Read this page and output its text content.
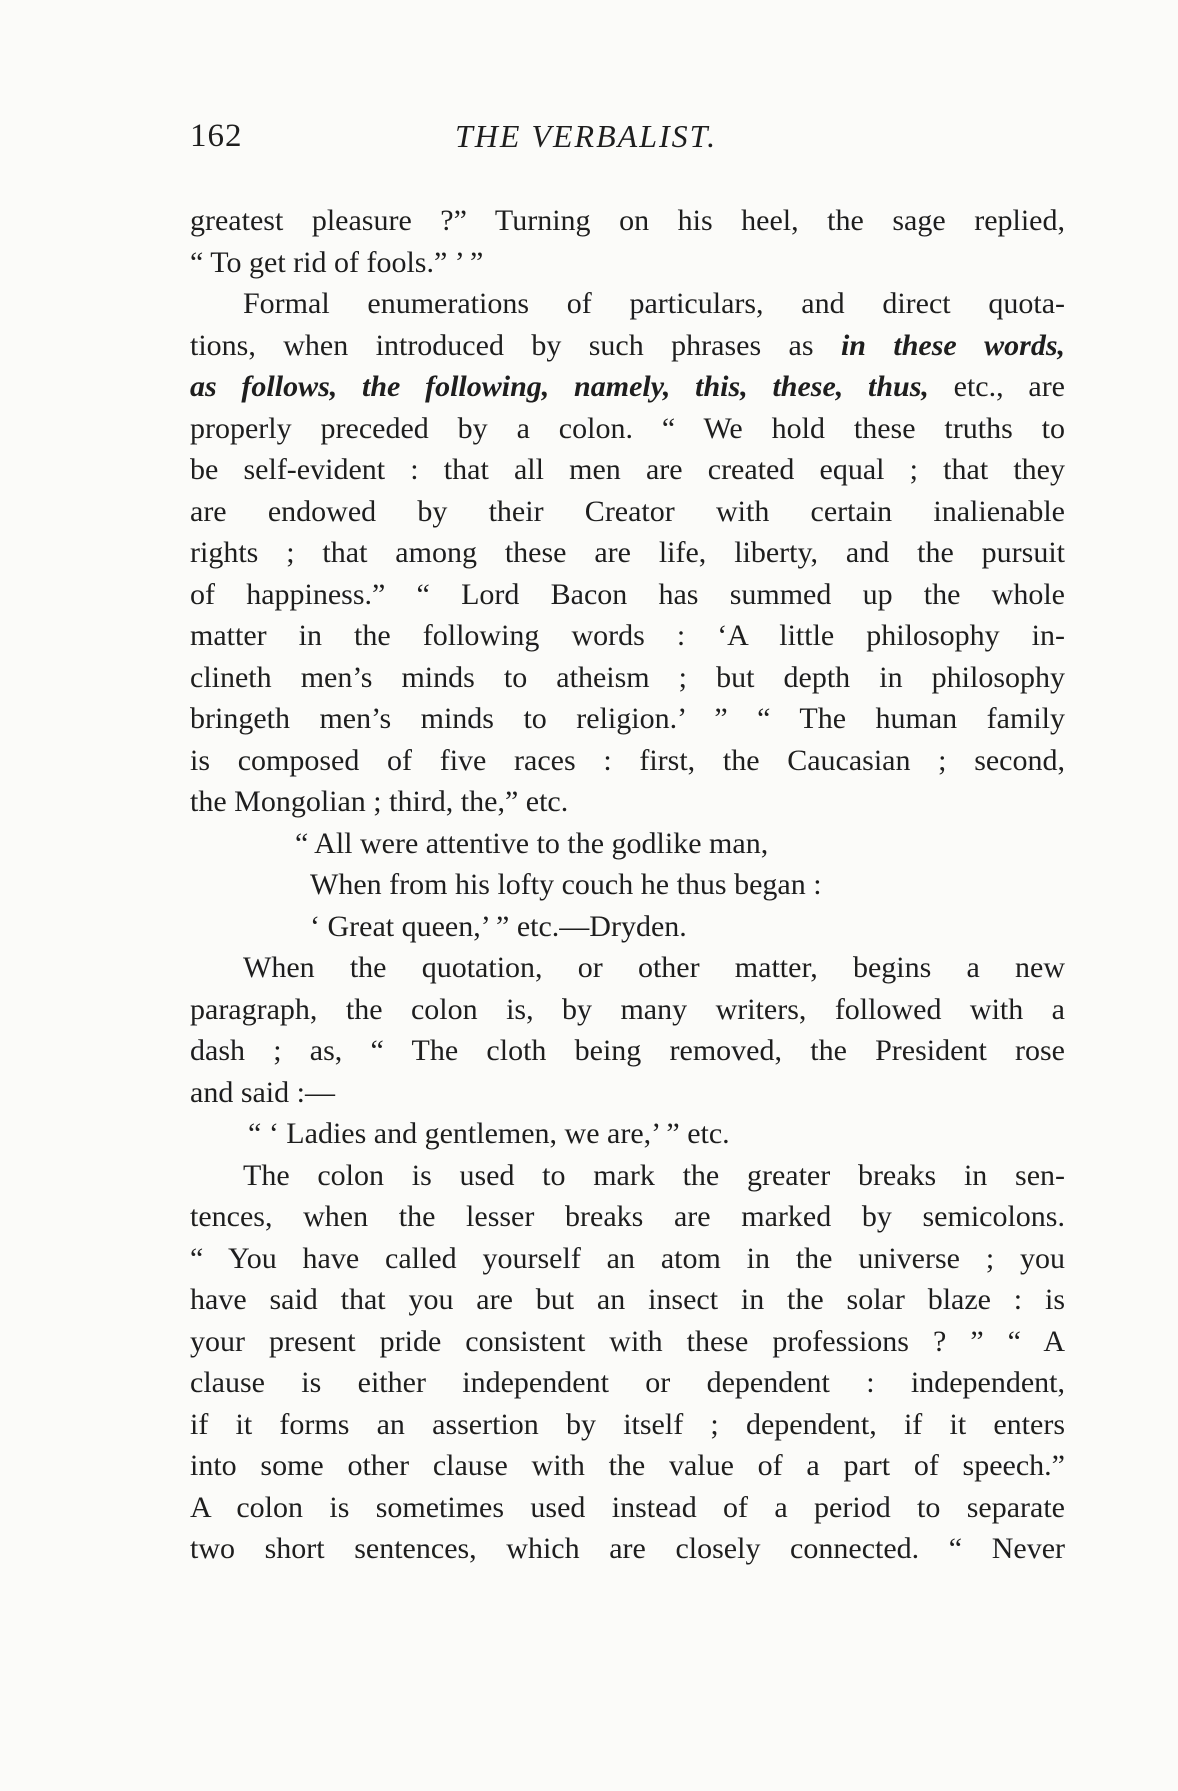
162	THE VERBALIST.
greatest pleasure ?” Turning on his heel, the sage replied,
“ To get rid of fools.” ’ ”
Formal enumerations of particulars, and direct quota-
tions, when introduced by such phrases as in these words,
as follows, the following, namely, this, these, thus, etc., are
properly preceded by a colon. “ We hold these truths to
be self-evident : that all men are created equal ; that they
are endowed by their Creator with certain inalienable
rights ; that among these are life, liberty, and the pursuit
of happiness.” “ Lord Bacon has summed up the whole
matter in the following words : ‘A little philosophy in-
clineth men’s minds to atheism ; but depth in philosophy
bringeth men’s minds to religion.’ ” “ The human family
is composed of five races : first, the Caucasian ; second,
the Mongolian ; third, the,” etc.
“ All were attentive to the godlike man,
When from his lofty couch he thus began :
‘ Great queen,’ ” etc.—Dryden.
When the quotation, or other matter, begins a new
paragraph, the colon is, by many writers, followed with a
dash ; as, “ The cloth being removed, the President rose
and said :—
“ ‘ Ladies and gentlemen, we are,’ ” etc.
The colon is used to mark the greater breaks in sen-
tences, when the lesser breaks are marked by semicolons.
“ You have called yourself an atom in the universe ; you
have said that you are but an insect in the solar blaze : is
your present pride consistent with these professions ? ” “ A
clause is either independent or dependent : independent,
if it forms an assertion by itself ; dependent, if it enters
into some other clause with the value of a part of speech.”
A colon is sometimes used instead of a period to separate
two short sentences, which are closely connected. “ Never
